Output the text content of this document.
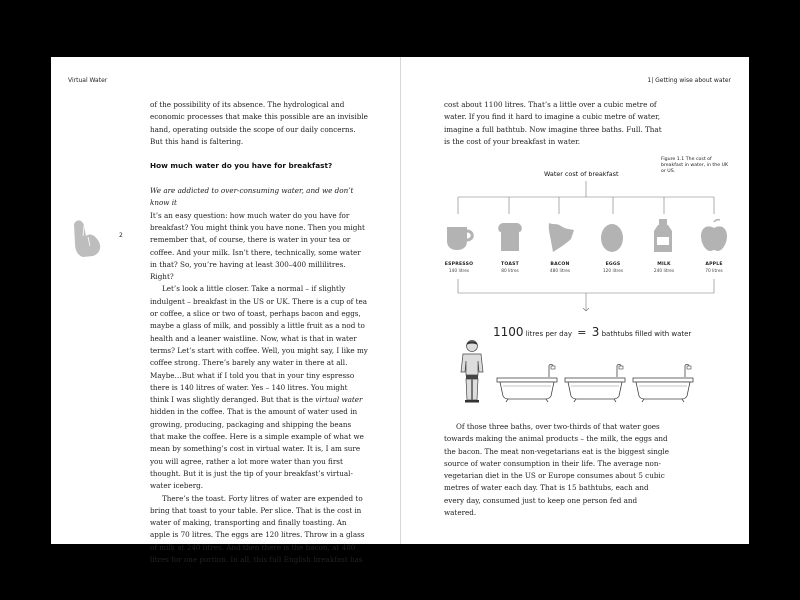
Virtual Water
2

of the possibility of its absence. The hydrological and economic processes that make this possible are an invisible hand, operating outside the scope of our daily concerns. But this hand is faltering.

How much water do you have for breakfast?

We are addicted to over-consuming water, and we don’t know it

It’s an easy question: how much water do you have for breakfast? You might think you have none. Then you might remember that, of course, there is water in your tea or coffee. And your milk. Isn’t there, technically, some water in that? So, you’re having at least 300–400 millilitres. Right?

Let’s look a little closer. Take a normal – if slightly indulgent – breakfast in the US or UK. There is a cup of tea or coffee, a slice or two of toast, perhaps bacon and eggs, maybe a glass of milk, and possibly a little fruit as a nod to health and a leaner waistline. Now, what is that in water terms? Let’s start with coffee. Well, you might say, I like my coffee strong. There’s barely any water in there at all. Maybe…But what if I told you that in your tiny espresso there is 140 litres of water. Yes – 140 litres. You might think I was slightly deranged. But that is the virtual water hidden in the coffee. That is the amount of water used in growing, producing, packaging and shipping the beans that make the coffee. Here is a simple example of what we mean by something’s cost in virtual water. It is, I am sure you will agree, rather a lot more water than you first thought. But it is just the tip of your breakfast’s virtual-water iceberg.

There’s the toast. Forty litres of water are expended to bring that toast to your table. Per slice. That is the cost in water of making, transporting and finally toasting. An apple is 70 litres. The eggs are 120 litres. Throw in a glass of milk at 240 litres. And then there is the bacon, at 480 litres for one portion. In all, this full English breakfast has

1| Getting wise about water

cost about 1100 litres. That’s a little over a cubic metre of water. If you find it hard to imagine a cubic metre of water, imagine a full bathtub. Now imagine three baths. Full. That is the cost of your breakfast in water.

Figure 1.1 The cost of breakfast in water, in the UK or US.
Water cost of breakfast
ESPRESSO
140 litres
TOAST
80 litres
BACON
480 litres
EGGS
120 litres
MILK
240 litres
APPLE
70 litres
1100 litres per day = 3 bathtubs filled with water

Of those three baths, over two-thirds of that water goes towards making the animal products – the milk, the eggs and the bacon. The meat non-vegetarians eat is the biggest single source of water consumption in their life. The average non-vegetarian diet in the US or Europe consumes about 5 cubic metres of water each day. That is 15 bathtubs, each and every day, consumed just to keep one person fed and watered.
